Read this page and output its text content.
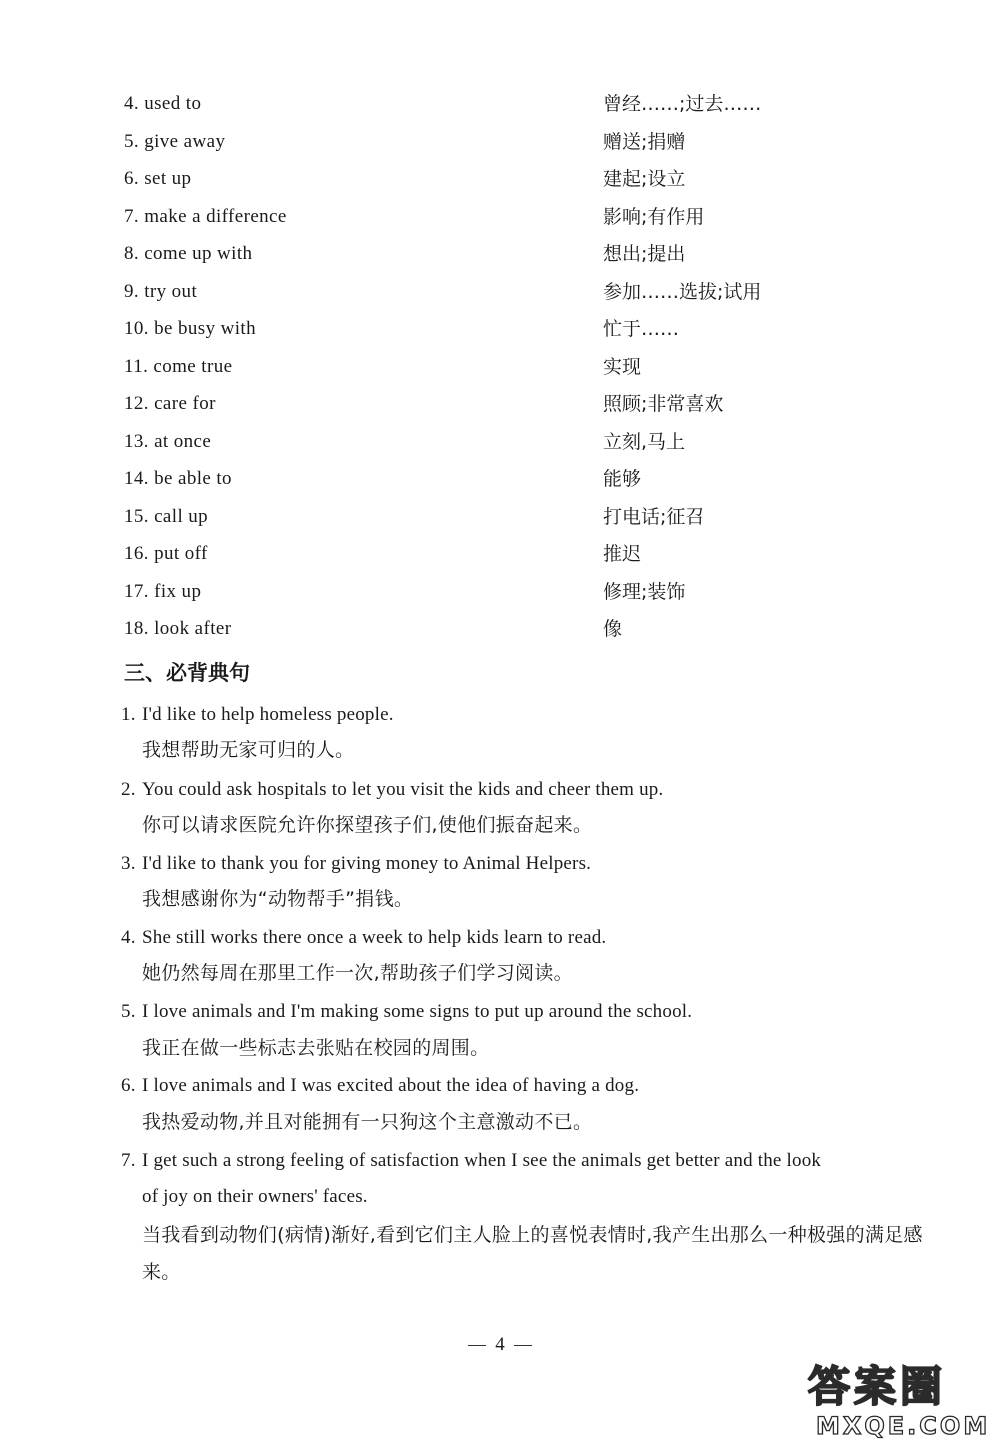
4. used to	曾经……;过去……
5. give away	赠送;捐赠
6. set up	建起;设立
7. make a difference	影响;有作用
8. come up with	想出;提出
9. try out	参加……选拔;试用
10. be busy with	忙于……
11. come true	实现
12. care for	照顾;非常喜欢
13. at once	立刻,马上
14. be able to	能够
15. call up	打电话;征召
16. put off	推迟
17. fix up	修理;装饰
18. look after	像
三、必背典句
1. I'd like to help homeless people.
我想帮助无家可归的人。
2. You could ask hospitals to let you visit the kids and cheer them up.
你可以请求医院允许你探望孩子们,使他们振奋起来。
3. I'd like to thank you for giving money to Animal Helpers.
我想感谢你为“动物帮手”捐钱。
4. She still works there once a week to help kids learn to read.
她仍然每周在那里工作一次,帮助孩子们学习阅读。
5. I love animals and I'm making some signs to put up around the school.
我正在做一些标志去张贴在校园的周围。
6. I love animals and I was excited about the idea of having a dog.
我热爱动物,并且对能拥有一只狗这个主意激动不已。
7. I get such a strong feeling of satisfaction when I see the animals get better and the look
of joy on their owners' faces.
当我看到动物们(病情)渐好,看到它们主人脸上的喜悦表情时,我产生出那么一种极强的满足感来。
4
答案圈
MXQE.COM
